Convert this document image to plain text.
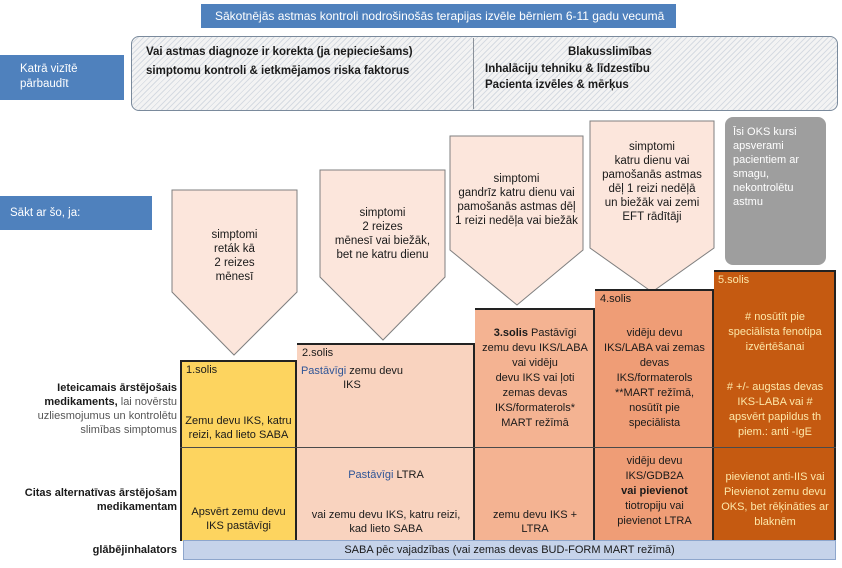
Sākotnējās astmas kontroli nodrošinošās terapijas izvēle bērniem 6-11 gadu vecumā
Katrā vizītē
pārbaudīt
Vai astmas diagnoze ir korekta (ja nepieciešams)
simptomu kontroli & ietkmējamos riska faktorus
Blakusslimības
Inhalāciju tehniku & līdzestību
Pacienta izvēles & mērķus
Sākt ar šo, ja:
simptomi
reták kā
2 reizes
mēnesī
simptomi
2 reizes
mēnesī vai biežāk,
bet ne katru dienu
simptomi
gandrīz katru dienu vai
pamošanās astmas dēļ
1 reizi nedēļa vai biežāk
simptomi
katru dienu vai
pamošanās astmas
dēļ 1 reizi nedēļā
un biežāk vai zemi
EFT rādītāji
Īsi OKS kursi
apsverami
pacientiem ar
smagu,
nekontrolētu
astmu
1.solis
2.solis
4.solis
5.solis
Zemu devu IKS, katru
reizi, kad lieto SABA
Apsvērt zemu devu
IKS pastāvīgi
Pastāvīgi zemu devu IKS
Pastāvīgi LTRA
vai zemu devu IKS, katru reizi,
kad lieto SABA
3.solis Pastāvīgi
zemu devu IKS/LABA
vai vidēju
devu IKS vai ļoti
zemas devas
IKS/formaterols*
MART režīmā
zemu devu IKS +
LTRA
vidēju devu
IKS/LABA vai zemas
devas
IKS/formaterols
**MART režīmā,
nosūtīt pie
speciālista
vidēju devu
IKS/GDB2A
vai pievienot
tiotropiju vai
pievienot LTRA
# nosūtīt pie
speciālista fenotipa
izvērtēšanai
# +/- augstas devas
IKS-LABA vai #
apsvērt papildus th
piem.: anti -IgE
pievienot anti-IIS vai
Pievienot zemu devu
OKS, bet rēķināties ar
blaknēm
Ieteicamais ārstējošais
medikaments, lai novērstu
uzliesmojumus un kontrolētu
slimības simptomus
Citas alternatīvas ārstējošam
medikamentam
glābējinhalators	SABA pēc vajadzības (vai zemas devas BUD-FORM MART režīmā)
